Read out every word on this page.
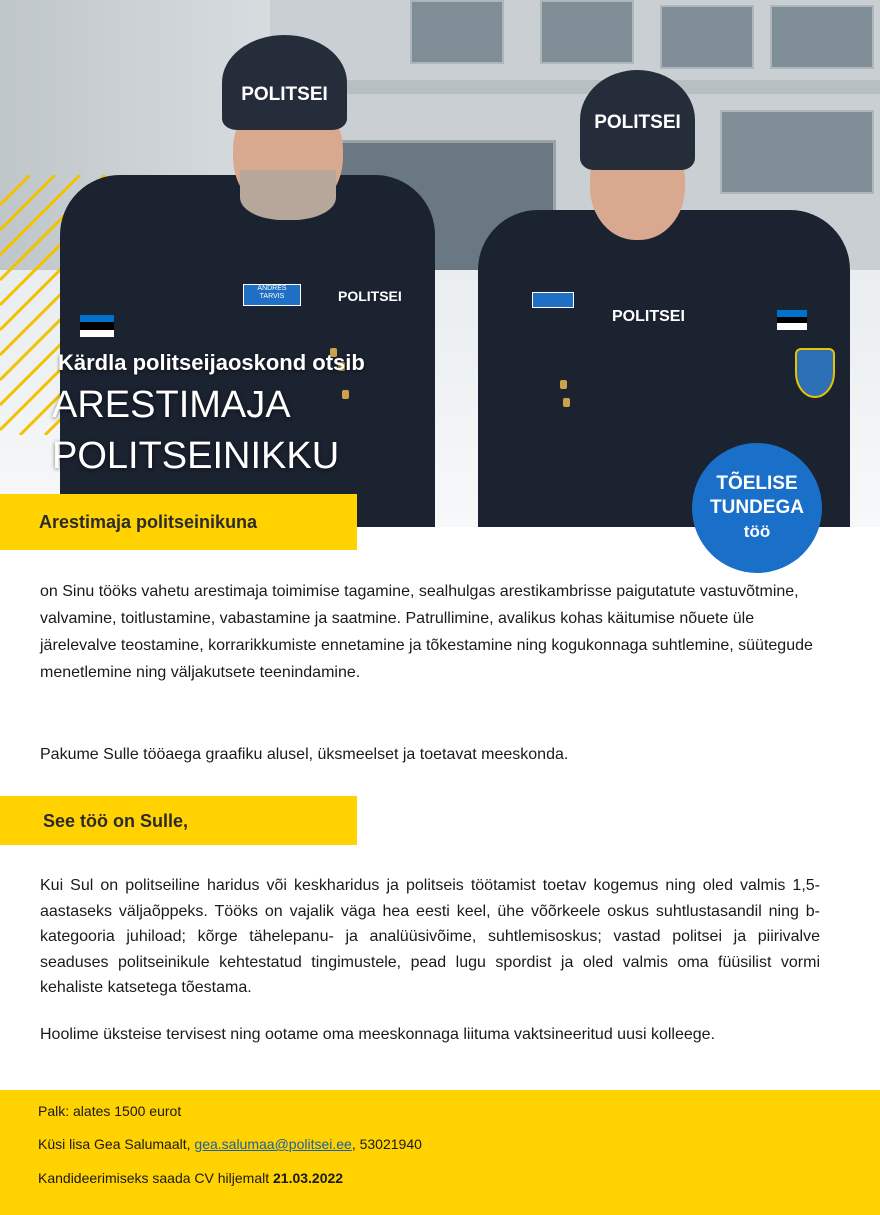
POLITSEI
POLITSEI
ANDRES
TARVIS
POLITSEI
POLITSEI
Kärdla politseijaoskond otsib
ARESTIMAJA
POLITSEINIKKU
TÕELISE
TUNDEGA
töö
Arestimaja politseinikuna
on Sinu tööks vahetu arestimaja toimimise tagamine, sealhulgas arestikambrisse paigutatute vastuvõtmine, valvamine, toitlustamine, vabastamine ja saatmine. Patrullimine, avalikus kohas käitumise nõuete üle järelevalve teostamine, korrarikkumiste ennetamine ja tõkestamine ning kogukonnaga suhtlemine, süütegude menetlemine ning väljakutsete teenindamine.
Pakume Sulle tööaega graafiku alusel, üksmeelset ja toetavat meeskonda.
See töö on Sulle,
Kui Sul on politseiline haridus või keskharidus ja politseis töötamist toetav kogemus ning oled valmis 1,5-aastaseks väljaõppeks. Tööks on vajalik väga hea eesti keel, ühe võõrkeele oskus suhtlustasandil ning b-kategooria juhiload; kõrge tähelepanu- ja analüüsivõime, suhtlemisoskus; vastad politsei ja piirivalve seaduses politseinikule kehtestatud tingimustele, pead lugu spordist ja oled valmis oma füüsilist vormi kehaliste katsetega tõestama.
Hoolime üksteise tervisest ning ootame oma meeskonnaga liituma vaktsineeritud uusi kolleege.
Palk: alates 1500 eurot
Küsi lisa Gea Salumaalt, gea.salumaa@politsei.ee, 53021940
Kandideerimiseks saada CV hiljemalt 21.03.2022
